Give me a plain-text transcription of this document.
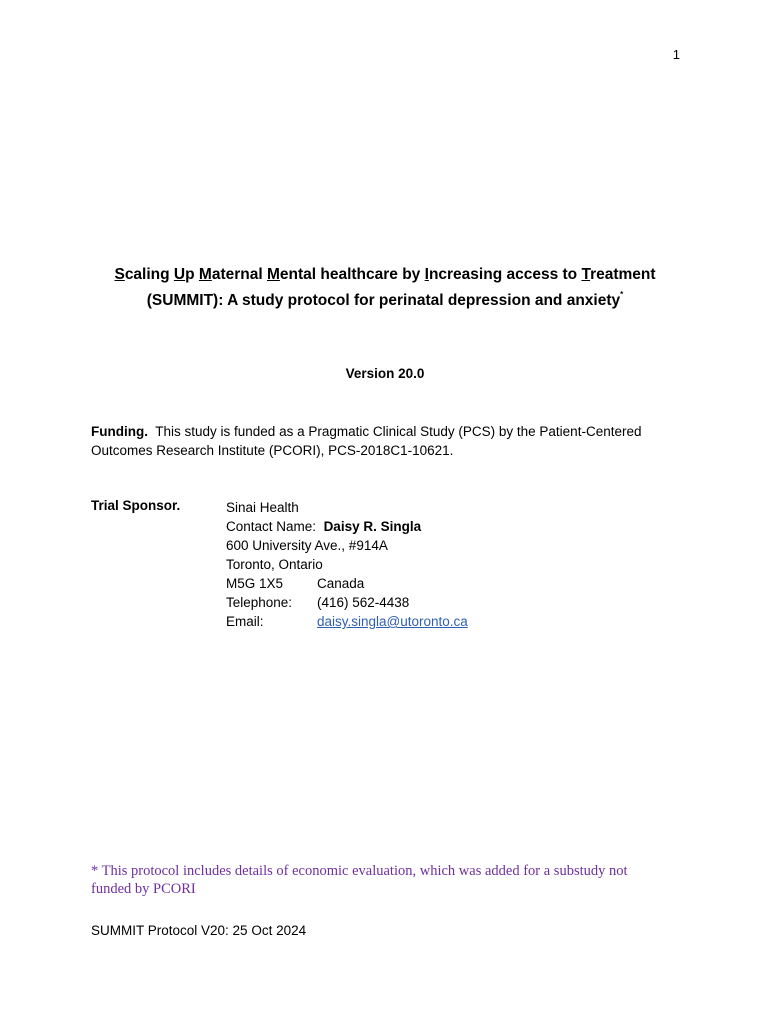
1
Scaling Up Maternal Mental healthcare by Increasing access to Treatment
(SUMMIT): A study protocol for perinatal depression and anxiety*
Version 20.0
Funding. This study is funded as a Pragmatic Clinical Study (PCS) by the Patient-Centered Outcomes Research Institute (PCORI), PCS-2018C1-10621.
Trial Sponsor.	Sinai Health
Contact Name: Daisy R. Singla
600 University Ave., #914A
Toronto, Ontario
M5G 1X5	Canada
Telephone: (416) 562-4438
Email:	daisy.singla@utoronto.ca
* This protocol includes details of economic evaluation, which was added for a substudy not funded by PCORI
SUMMIT Protocol V20: 25 Oct 2024
